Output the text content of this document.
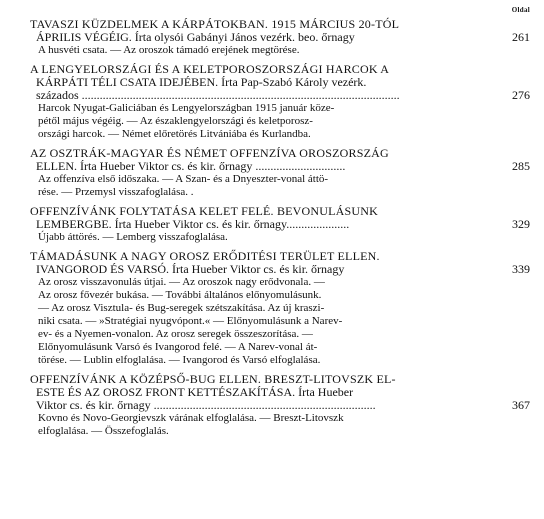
Oldal
TAVASZI KÜZDELMEK A KÁRPÁTOKBAN. 1915 MÁRCIUS 20-TÓL
ÁPRILIS VÉGÉIG. Írta olysói Gabányi János vezérk. beo. őrnagy	261
A husvéti csata. — Az oroszok támadó erejének megtörése.
A LENGYELORSZÁGI ÉS A KELETPOROSZORSZÁGI HARCOK A
KÁRPÁTI TÉLI CSATA IDEJÉBEN. Írta Pap-Szabó Károly vezérk.
százados ..........................................................................................................	276
Harcok Nyugat-Galiciában és Lengyelországban 1915 január köze-
pétől május végéig. — Az északlengyelországi és keletporosz-
országi harcok. — Német előretörés Litvániába és Kurlandba.
AZ OSZTRÁK-MAGYAR ÉS NÉMET OFFENZÍVA OROSZORSZÁG
ELLEN. Írta Hueber Viktor cs. és kir. őrnagy ..............................	285
Az offenzíva első időszaka. — A Szan- és a Dnyeszter-vonal áttö-
rése. — Przemysl visszafoglalása. .
OFFENZÍVÁNK FOLYTATÁSA KELET FELÉ. BEVONULÁSUNK
LEMBERGBE. Írta Hueber Viktor cs. és kir. őrnagy.....................	329
Újabb áttörés. — Lemberg visszafoglalása.
TÁMADÁSUNK A NAGY OROSZ ERŐDITÉSI TERÜLET ELLEN.
IVANGOROD ÉS VARSÓ. Írta Hueber Viktor cs. és kir. őrnagy	339
Az orosz visszavonulás útjai. — Az oroszok nagy erődvonala. —
Az orosz fővezér bukása. — További általános előnyomulásunk.
— Az orosz Visztula- és Bug-seregek szétszakítása. Az új kraszi-
niki csata. — »Stratégiai nyugvópont.« — Előnyomulásunk a Narev-
ev- és a Nyemen-vonalon. Az orosz seregek összeszorítása. —
Előnyomulásunk Varsó és Ivangorod felé. — A Narev-vonal át-
törése. — Lublin elfoglalása. — Ivangorod és Varsó elfoglalása.
OFFENZÍVÁNK A KÖZÉPSŐ-BUG ELLEN. BRESZT-LITOVSZK EL-
ESTE ÉS AZ OROSZ FRONT KETTÉSZAKÍTÁSA. Írta Hueber
Viktor cs. és kir. őrnagy ..........................................................................	367
Kovno és Novo-Georgievszk várának elfoglalása. — Breszt-Litovszk
elfoglalása. — Összefoglalás.
